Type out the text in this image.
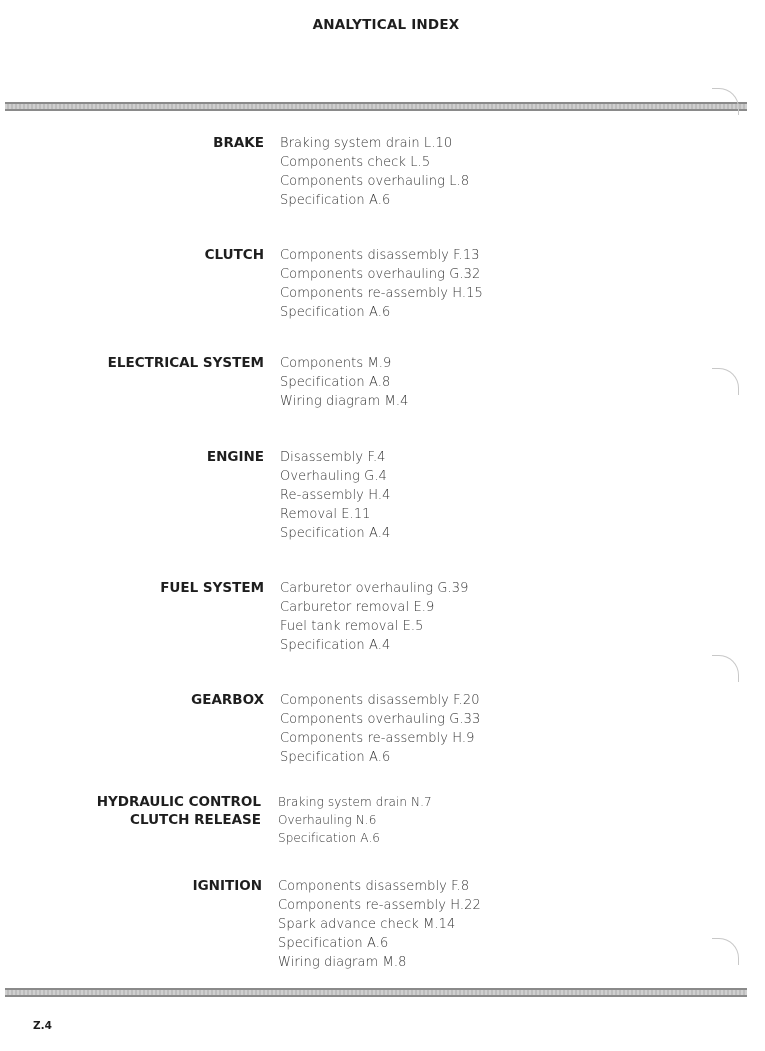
ANALYTICAL INDEX
BRAKE Braking system drain L.10
Components check L.5
Components overhauling L.8
Specification A.6
CLUTCH Components disassembly F.13
Components overhauling G.32
Components re-assembly H.15
Specification A.6
ELECTRICAL SYSTEM Components M.9
Specification A.8
Wiring diagram M.4
ENGINE Disassembly F.4
Overhauling G.4
Re-assembly H.4
Removal E.11
Specification A.4
FUEL SYSTEM Carburetor overhauling G.39
Carburetor removal E.9
Fuel tank removal E.5
Specification A.4
GEARBOX Components disassembly F.20
Components overhauling G.33
Components re-assembly H.9
Specification A.6
HYDRAULIC CONTROL
CLUTCH RELEASE
Braking system drain N.7
Overhauling N.6
Specification A.6
IGNITION Components disassembly F.8
Components re-assembly H.22
Spark advance check M.14
Specification A.6
Wiring diagram M.8
Z.4
